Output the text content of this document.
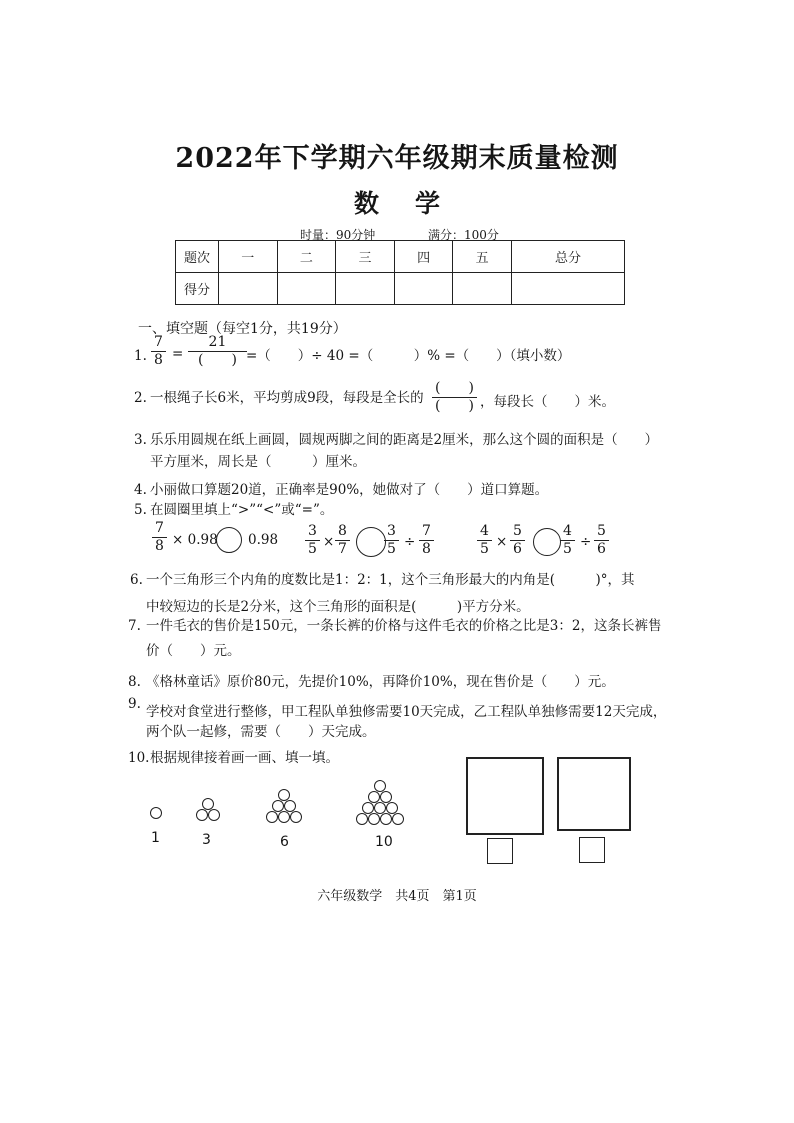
2022年下学期六年级期末质量检测
数学
时量：90分钟	满分：100分
题次	一	二	三	四	五	总分
得分						
一、填空题（每空1分，共19分）
1. $\frac{7}{8}$ =
21
(　　) =（　　）÷ 40 =（　　　）% =（　　）（填小数）
2. 一根绳子长6米，平均剪成9段，每段是全长的
(　　)
(　　) ，每段长（　　）米。
3. 乐乐用圆规在纸上画圆，圆规两脚之间的距离是2厘米，那么这个圆的面积是（　　）
平方厘米，周长是（　　　）厘米。
4. 小丽做口算题20道，正确率是90%，她做对了（　　）道口算题。
5. 在圆圈里填上“>”“<”或“=”。
$\frac{7}{8} \times 0.98$ $0.98 \frac{3}{5} \times \frac{8}{7} \frac{3}{5} \div \frac{7}{8}$	$\frac{4}{5} \times \frac{5}{6}$	$\frac{4}{5} \div \frac{5}{6}$
6. 一个三角形三个内角的度数比是1：2：1，这个三角形最大的内角是(　　　)°，其
中较短边的长是2分米，这个三角形的面积是(　　　)平方分米。
7. 一件毛衣的售价是150元，一条长裤的价格与这件毛衣的价格之比是3：2，这条长裤售
价（　　）元。
8. 《格林童话》原价80元，先提价10%，再降价10%，现在售价是（　　）元。
9. 学校对食堂进行整修，甲工程队单独修需要10天完成，乙工程队单独修需要12天完成，
两个队一起修，需要（　　）天完成。
10. 根据规律接着画一画、填一填。
1	3	6	10
六年级数学　共4页　第1页
